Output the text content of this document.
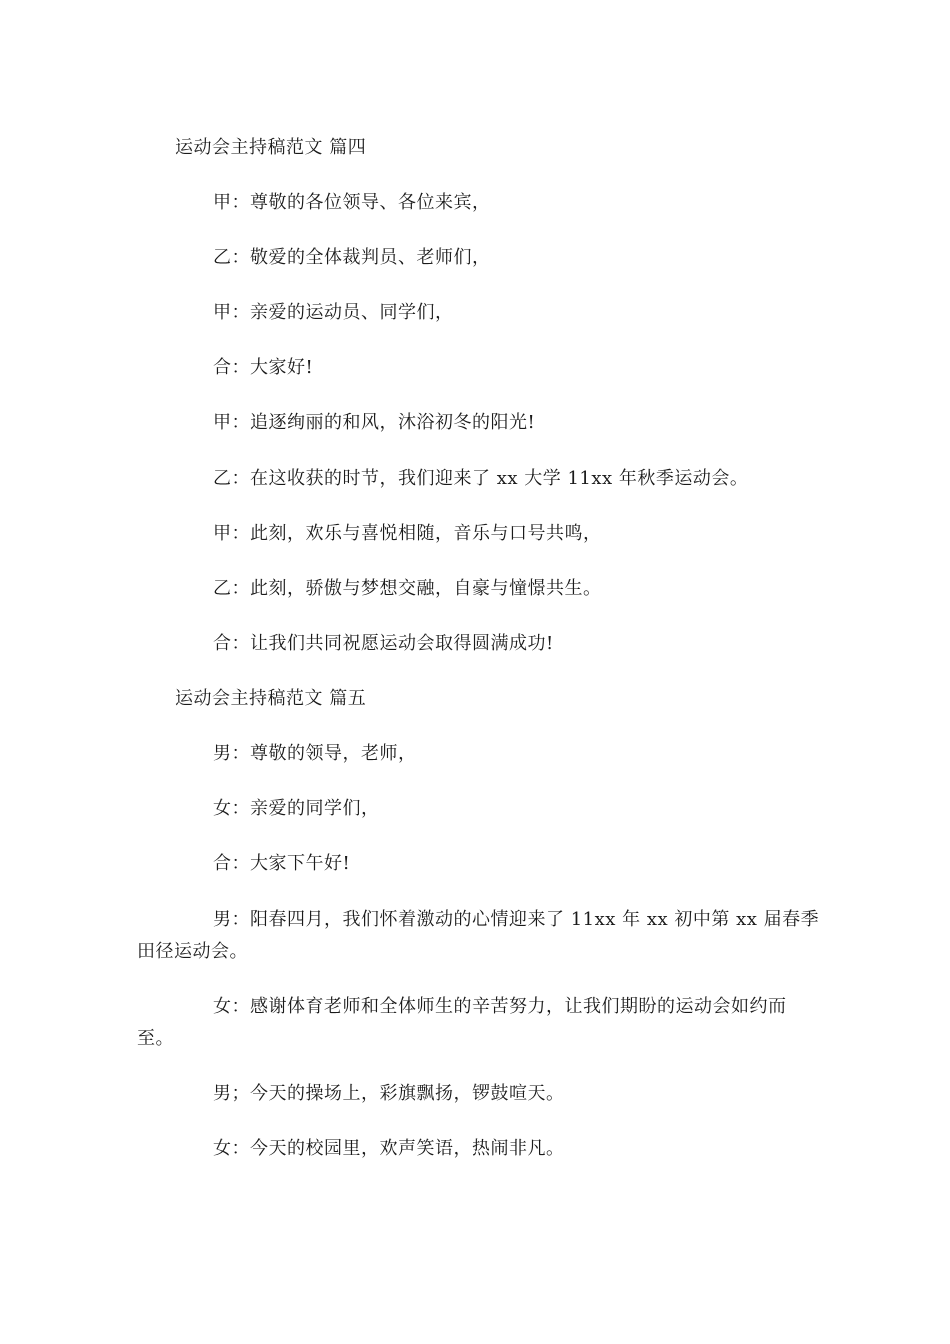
运动会主持稿范文 篇四
甲：尊敬的各位领导、各位来宾，
乙：敬爱的全体裁判员、老师们，
甲：亲爱的运动员、同学们，
合：大家好!
甲：追逐绚丽的和风，沐浴初冬的阳光!
乙：在这收获的时节，我们迎来了 xx 大学 11xx 年秋季运动会。
甲：此刻，欢乐与喜悦相随，音乐与口号共鸣，
乙：此刻，骄傲与梦想交融，自豪与憧憬共生。
合：让我们共同祝愿运动会取得圆满成功!
运动会主持稿范文 篇五
男：尊敬的领导，老师，
女：亲爱的同学们，
合：大家下午好!
男：阳春四月，我们怀着激动的心情迎来了 11xx 年 xx 初中第 xx 届春季
田径运动会。
女：感谢体育老师和全体师生的辛苦努力，让我们期盼的运动会如约而
至。
男；今天的操场上，彩旗飘扬，锣鼓喧天。
女：今天的校园里，欢声笑语，热闹非凡。
